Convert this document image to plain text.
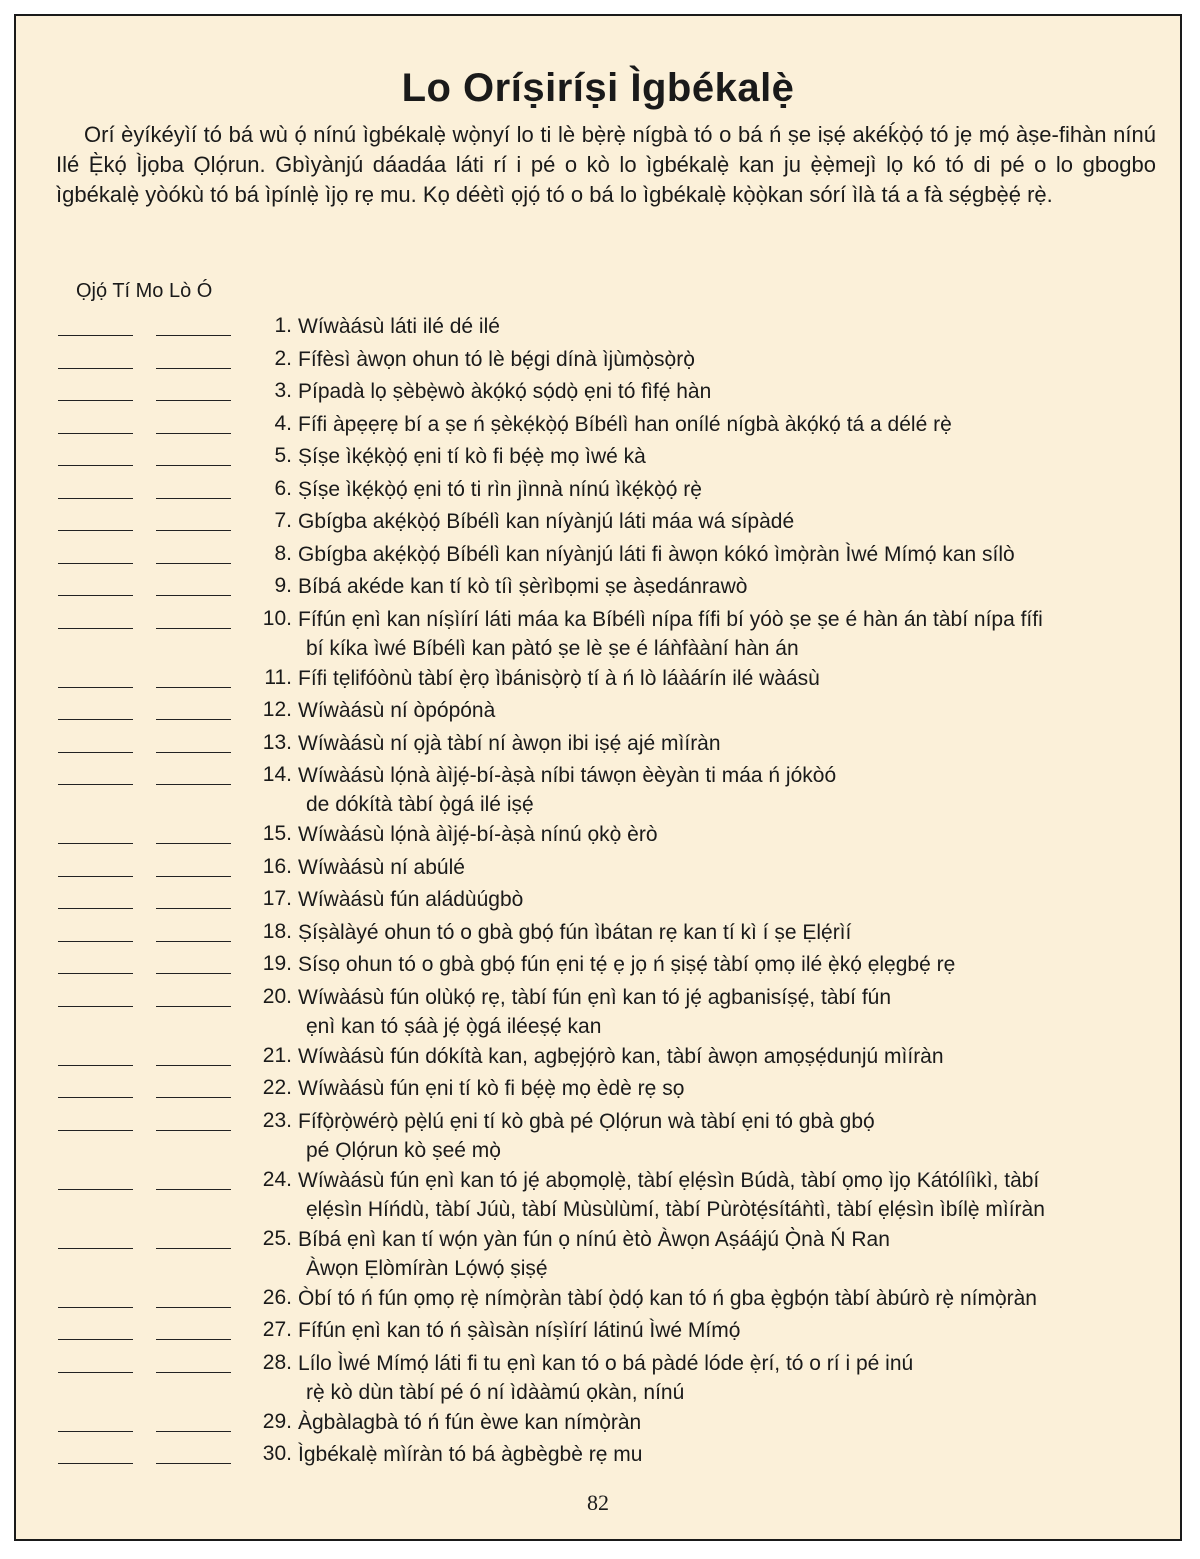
Lo Oríṣiríṣi Ìgbékalẹ̀
Orí èyíkéyìí tó bá wù ọ́ nínú ìgbékalẹ̀ wọ̀nyí lo ti lè bẹ̀rẹ̀ nígbà tó o bá ń ṣe iṣẹ́ akéḱọ̀ọ́ tó jẹ mọ́ àṣe-fihàn nínú Ilé Ẹ̀kọ́ Ìjọba Ọlọ́run. Gbìyànjú dáadáa láti rí i pé o kò lo ìgbékalẹ̀ kan ju ẹ̀ẹ̀mejì lọ kó tó di pé o lo gbogbo ìgbékalẹ̀ yòókù tó bá ìpínlẹ̀ ìjọ rẹ mu. Kọ déètì ọjọ́ tó o bá lo ìgbékalẹ̀ kọ̀ọ̀kan sórí ìlà tá a fà sẹ́gbẹ̀ẹ́ rẹ̀.
Ọjọ́ Tí Mo Lò Ó
1. Wíwàásù láti ilé dé ilé
2. Fífèsì àwọn ohun tó lè bẹ́gi dínà ìjùmọ̀sọ̀rọ̀
3. Pípadà lọ ṣèbẹ̀wò àkọ́kọ́ sọ́dọ̀ ẹni tó fìfẹ́ hàn
4. Fífi àpẹẹrẹ bí a ṣe ń ṣèkẹ́kọ̀ọ́ Bíbélì han onílé nígbà àkọ́kọ́ tá a délé rẹ̀
5. Ṣíṣe ìkẹ́kọ̀ọ́ ẹni tí kò fi bẹ́ẹ̀ mọ ìwé kà
6. Ṣíṣe ìkẹ́kọ̀ọ́ ẹni tó ti rìn jìnnà nínú ìkẹ́kọ̀ọ́ rẹ̀
7. Gbígba akẹ́kọ̀ọ́ Bíbélì kan níyànjú láti máa wá sípàdé
8. Gbígba akẹ́kọ̀ọ́ Bíbélì kan níyànjú láti fi àwọn kókó ìmọ̀ràn Ìwé Mímọ́ kan sílò
9. Bíbá akéde kan tí kò tíì ṣèrìbọmi ṣe àṣedánrawò
10. Fífún ẹnì kan níṣìírí láti máa ka Bíbélì nípa fífi bí yóò ṣe ṣe é hàn án tàbí nípa fífi
bí kíka ìwé Bíbélì kan pàtó ṣe lè ṣe é láǹfààní hàn án
11. Fífi tẹlifóònù tàbí ẹ̀rọ ìbánisọ̀rọ̀ tí à ń lò láàárín ilé wàásù
12. Wíwàásù ní òpópónà
13. Wíwàásù ní ọjà tàbí ní àwọn ibi iṣẹ́ ajé mìíràn
14. Wíwàásù lọ́nà àìjẹ́-bí-àṣà níbi táwọn èèyàn ti máa ń jókòó
de dókítà tàbí ọ̀gá ilé iṣẹ́
15. Wíwàásù lọ́nà àìjẹ́-bí-àṣà nínú ọkọ̀ èrò
16. Wíwàásù ní abúlé
17. Wíwàásù fún aládùúgbò
18. Ṣíṣàlàyé ohun tó o gbà gbọ́ fún ìbátan rẹ kan tí kì í ṣe Ẹlẹ́rìí
19. Sísọ ohun tó o gbà gbọ́ fún ẹni tẹ́ ẹ jọ ń ṣiṣẹ́ tàbí ọmọ ilé ẹ̀kọ́ ẹlẹgbẹ́ rẹ
20. Wíwàásù fún olùkọ́ rẹ, tàbí fún ẹnì kan tó jẹ́ agbanisíṣẹ́, tàbí fún
ẹnì kan tó ṣáà jẹ́ ọ̀gá iléeṣẹ́ kan
21. Wíwàásù fún dókítà kan, agbẹjọ́rò kan, tàbí àwọn amọṣẹ́dunjú mìíràn
22. Wíwàásù fún ẹni tí kò fi bẹ́ẹ̀ mọ èdè rẹ sọ
23. Fífọ̀rọ̀wérọ̀ pẹ̀lú ẹni tí kò gbà pé Ọlọ́run wà tàbí ẹni tó gbà gbọ́
pé Ọlọ́run kò ṣeé mọ̀
24. Wíwàásù fún ẹnì kan tó jẹ́ abọmọlẹ̀, tàbí ẹlẹ́sìn Búdà, tàbí ọmọ ìjọ Kátólíìkì, tàbí
ẹlẹ́sìn Híńdù, tàbí Júù, tàbí Mùsùlùmí, tàbí Pùròtẹ́sítáǹtì, tàbí ẹlẹ́sìn ìbílẹ̀ mìíràn
25. Bíbá ẹnì kan tí wọ́n yàn fún ọ nínú ètò Àwọn Aṣáájú Ọ̀nà Ń Ran
Àwọn Ẹlòmíràn Lọ́wọ́ ṣiṣẹ́
26. Òbí tó ń fún ọmọ rẹ̀ nímọ̀ràn tàbí ọ̀dọ́ kan tó ń gba ẹ̀gbọ́n tàbí àbúrò rẹ̀ nímọ̀ràn
27. Fífún ẹnì kan tó ń ṣàìsàn níṣìírí látinú Ìwé Mímọ́
28. Lílo Ìwé Mímọ́ láti fi tu ẹnì kan tó o bá pàdé lóde ẹ̀rí, tó o rí i pé inú
rẹ̀ kò dùn tàbí pé ó ní ìdààmú ọkàn, nínú
29. Àgbàlagbà tó ń fún èwe kan nímọ̀ràn
30. Ìgbékalẹ̀ mìíràn tó bá àgbègbè rẹ mu
82
